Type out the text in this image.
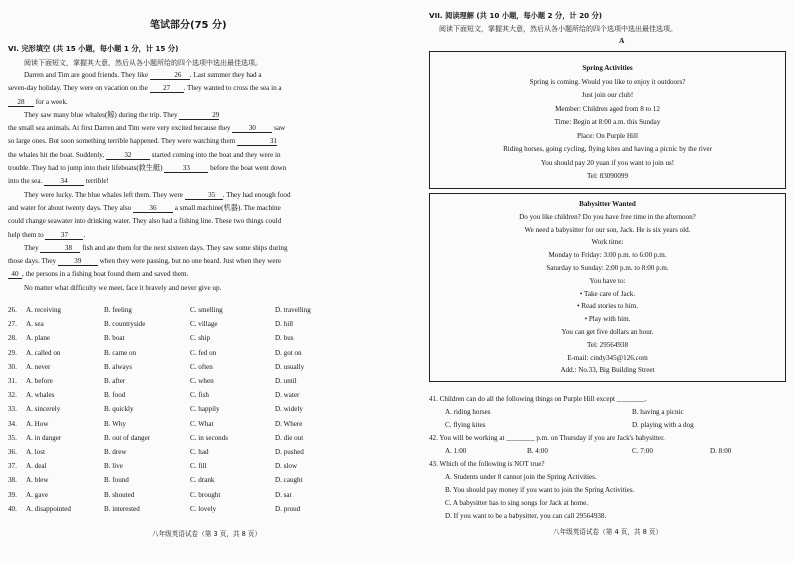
笔试部分(75 分)
VI. 完形填空 (共 15 小题，每小题 1 分，计 15 分)
阅读下面短文，掌握其大意，然后从各小题所给的四个选项中选出最佳选项。

Darren and Tim are good friends. They like	26 . Last summer they had a

seven-day holiday. They were on vacation on the 27 . They wanted to cross the sea in a

28 for a week.

They saw many blue whales(鲸) during the trip. They	29

the small sea animals. At first Darren and Tim were very excited because they 30 saw

so large ones. But soon something terrible happened. They were watching them	31

the whales hit the boat. Suddenly,	32	started coming into the boat and they were in

trouble. They had to jump into their lifeboats(救生艇)	33	before the boat went down

into the sea. 34 terrible!

They were lucky. The blue whales left them. They were	35 . They had enough food

and water for about twenty days. They also 36 a small machine(机器). The machine

could change seawater into drinking water. They also had a fishing line. These two things could

help them to 37 .

They	38 fish and ate them for the next sixteen days. They saw some ships during

those days. They 39 when they were passing, but no one heard. Just when they were

40 , the persons in a fishing boat found them and saved them.

No matter what difficulty we meet, face it bravely and never give up.

26. A. receiving	B. feeling	C. smelling	D. travelling
27. A. sea	B. countryside	C. village	D. hill
28. A. plane	B. boat	C. ship	D. bus
29. A. called on	B. came on	C. fed on	D. got on
30. A. never	B. always	C. often	D. usually
31. A. before	B. after	C. when	D. until
32. A. whales	B. food	C. fish	D. water
33. A. sincerely	B. quickly	C. happily	D. widely
34. A. How	B. Why	C. What	D. Where
35. A. in danger	B. out of danger	C. in seconds	D. die out
36. A. lost	B. drew	C. had	D. pushed
37. A. deal	B. live	C. fill	D. slow
38. A. blew	B. found	C. drank	D. caught
39. A. gave	B. shouted	C. brought	D. sat
40. A. disappointed	B. interested	C. lovely	D. proud
八年级英语试卷（第 3 页，共 8 页）
VII. 阅读理解 (共 10 小题，每小题 2 分，计 20 分)
阅读下面短文，掌握其大意，然后从各小题所给的四个选项中选出最佳选项。
A
Spring Activities
Spring is coming. Would you like to enjoy it outdoors?
Just join our club!
Member: Children aged from 8 to 12
Time: Begin at 8:00 a.m. this Sunday
Place: On Purple Hill
Riding horses, going cycling, flying kites and having a picnic by the river
You should pay 20 yuan if you want to join us!
Tel: 83090099
Babysitter Wanted
Do you like children? Do you have free time in the afternoon?
We need a babysitter for our son, Jack. He is six years old.
Work time:
Monday to Friday: 3:00 p.m. to 6:00 p.m.
Saturday to Sunday: 2:00 p.m. to 8:00 p.m.
You have to:
• Take care of Jack.
• Read stories to him.
• Play with him.
You can get five dollars an hour.
Tel: 29564938
E-mail: cindy345@126.com
Add.: No.33, Big Building Street
41. Children can do all the following things on Purple Hill except ________.
A. riding horses	B. having a picnic
C. flying kites	D. playing with a dog
42. You will be working at ________ p.m. on Thursday if you are Jack's babysitter.
A. 1:00	B. 4:00	C. 7:00	D. 8:00
43. Which of the following is NOT true?
A. Students under 8 cannot join the Spring Activities.
B. You should pay money if you want to join the Spring Activities.
C. A babysitter has to sing songs for Jack at home.
D. If you want to be a babysitter, you can call 29564938.
八年级英语试卷（第 4 页，共 8 页）
